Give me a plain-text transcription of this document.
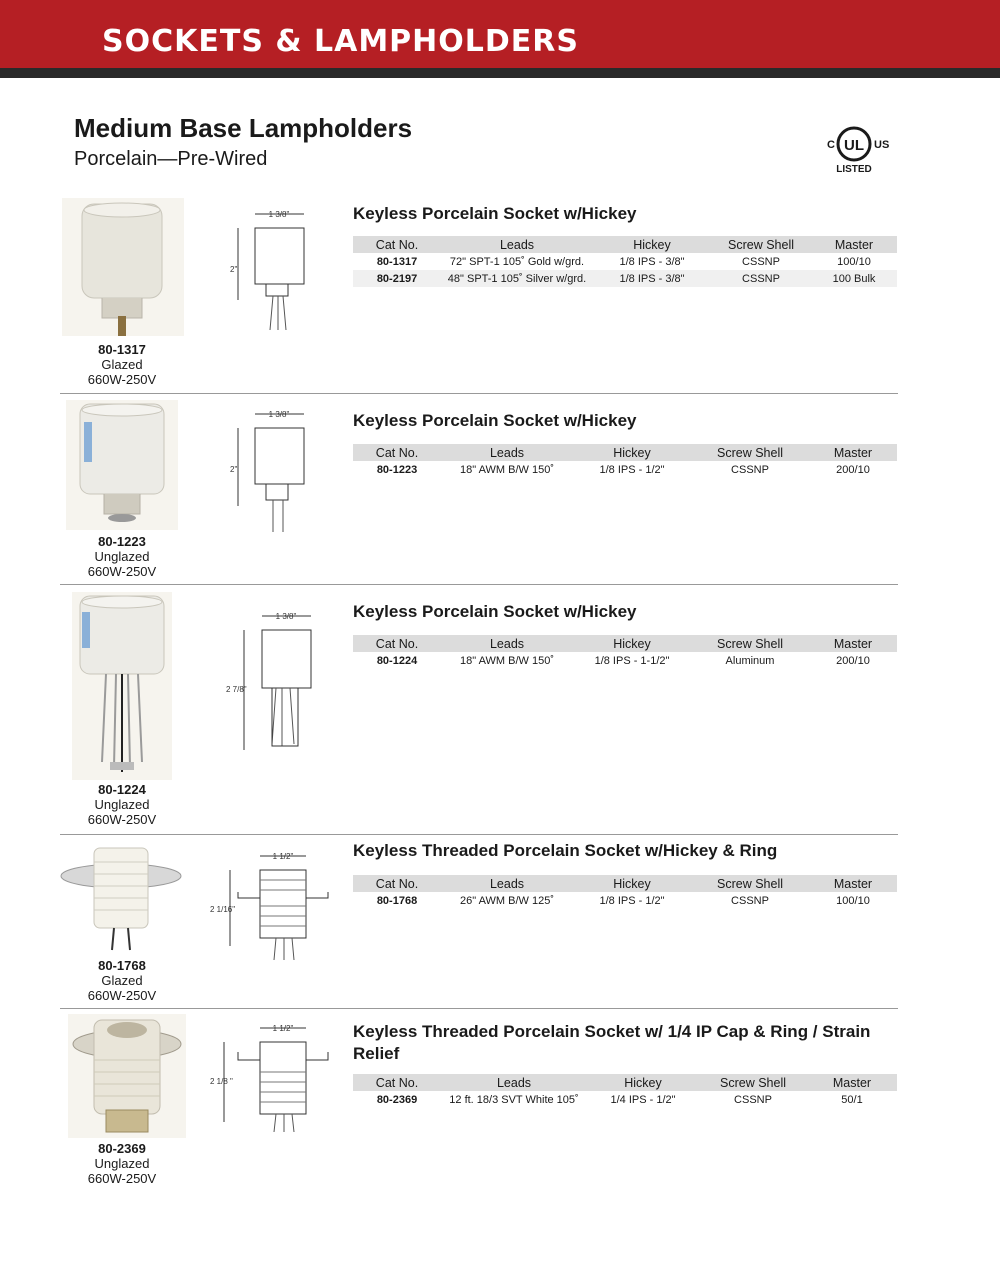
SOCKETS & LAMPHOLDERS
Medium Base Lampholders
Porcelain—Pre-Wired
UL
C	US
LISTED
80-1317
Glazed
660W-250V
1 3/8"
2"
Keyless Porcelain Socket w/Hickey
Cat No.	Leads	Hickey	Screw Shell	Master
80-1317	72" SPT-1 105˚ Gold w/grd.	1/8 IPS - 3/8"	CSSNP	100/10
80-2197	48" SPT-1 105˚ Silver w/grd.	1/8 IPS - 3/8"	CSSNP	100 Bulk
80-1223
Unglazed
660W-250V
1 3/8"
2"
Keyless Porcelain Socket w/Hickey
Cat No.	Leads	Hickey	Screw Shell	Master
80-1223	18" AWM B/W 150˚	1/8 IPS - 1/2"	CSSNP	200/10
80-1224
Unglazed
660W-250V
1 3/8"
2 7/8"
Keyless Porcelain Socket w/Hickey
Cat No.	Leads	Hickey	Screw Shell	Master
80-1224	18" AWM B/W 150˚	1/8 IPS - 1-1/2"	Aluminum	200/10
80-1768
Glazed
660W-250V
1 1/2"
2 1/16"
Keyless Threaded Porcelain Socket w/Hickey & Ring
Cat No.	Leads	Hickey	Screw Shell	Master
80-1768	26" AWM B/W 125˚	1/8 IPS - 1/2"	CSSNP	100/10
80-2369
Unglazed
660W-250V
1 1/2"
2 1/8 "
Keyless Threaded Porcelain Socket w/ 1/4 IP Cap & Ring / Strain Relief
Cat No.	Leads	Hickey	Screw Shell	Master
80-2369	12 ft. 18/3 SVT White 105˚	1/4 IPS - 1/2"	CSSNP	50/1
